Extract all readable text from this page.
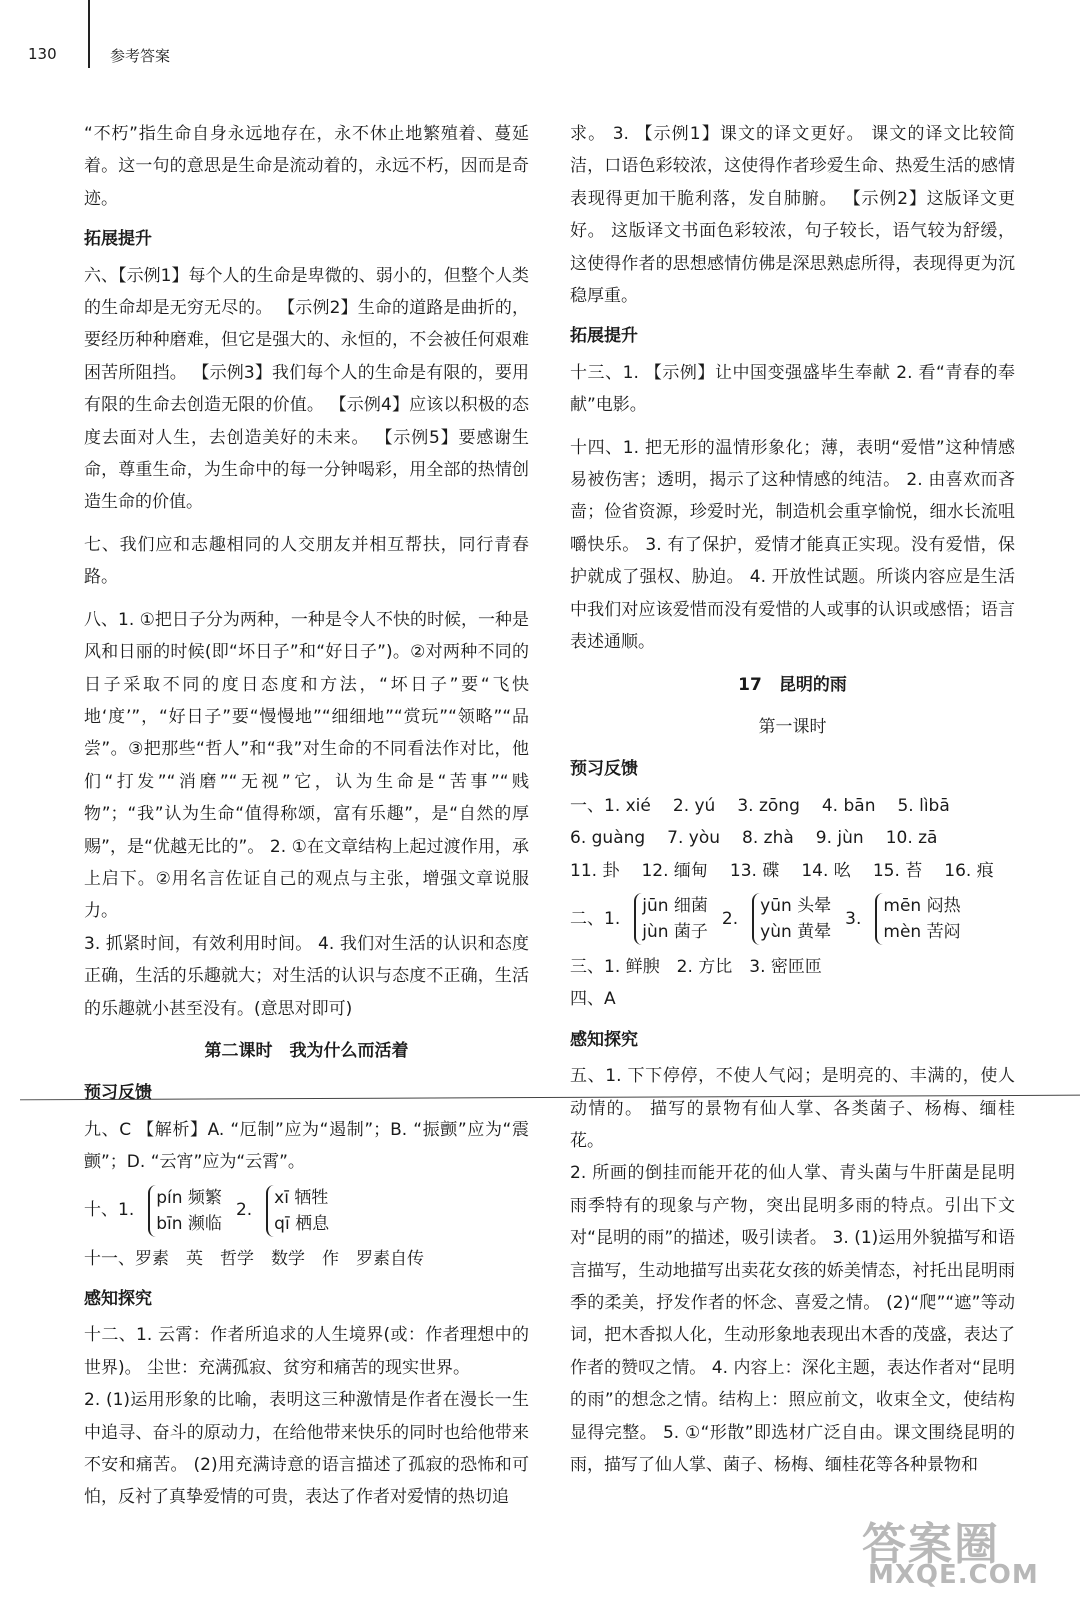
130	参考答案

“不朽”指生命自身永远地存在，永不休止地繁殖着、蔓延着。这一句的意思是生命是流动着的，永远不朽，因而是奇迹。

拓展提升

六、【示例1】每个人的生命是卑微的、弱小的，但整个人类的生命却是无穷无尽的。 【示例2】生命的道路是曲折的，要经历种种磨难，但它是强大的、永恒的，不会被任何艰难困苦所阻挡。 【示例3】我们每个人的生命是有限的，要用有限的生命去创造无限的价值。 【示例4】应该以积极的态度去面对人生，去创造美好的未来。 【示例5】要感谢生命，尊重生命，为生命中的每一分钟喝彩，用全部的热情创造生命的价值。

七、我们应和志趣相同的人交朋友并相互帮扶，同行青春路。

八、1. ①把日子分为两种，一种是令人不快的时候，一种是风和日丽的时候(即“坏日子”和“好日子”)。②对两种不同的日子采取不同的度日态度和方法，“坏日子”要“飞快地‘度’”，“好日子”要“慢慢地”“细细地”“赏玩”“领略”“品尝”。③把那些“哲人”和“我”对生命的不同看法作对比，他们“打发”“消磨”“无视”它，认为生命是“苦事”“贱物”；“我”认为生命“值得称颂，富有乐趣”，是“自然的厚赐”，是“优越无比的”。 2. ①在文章结构上起过渡作用，承上启下。②用名言佐证自己的观点与主张，增强文章说服力。

3. 抓紧时间，有效利用时间。 4. 我们对生活的认识和态度正确，生活的乐趣就大；对生活的认识与态度不正确，生活的乐趣就小甚至没有。(意思对即可)

第二课时　我为什么而活着

预习反馈

九、C 【解析】A. “厄制”应为“遏制”；B. “振颤”应为“震颤”；D. “云宵”应为“云霄”。

十、1.
pín 频繁
bīn 濒临
2.
xī 牺牲
qī 栖息

十一、罗素　英　哲学　数学　作　罗素自传

感知探究

十二、1. 云霄：作者所追求的人生境界(或：作者理想中的世界)。 尘世：充满孤寂、贫穷和痛苦的现实世界。

2. (1)运用形象的比喻，表明这三种激情是作者在漫长一生中追寻、奋斗的原动力，在给他带来快乐的同时也给他带来不安和痛苦。 (2)用充满诗意的语言描述了孤寂的恐怖和可怕，反衬了真挚爱情的可贵，表达了作者对爱情的热切追

求。 3. 【示例1】课文的译文更好。 课文的译文比较简洁，口语色彩较浓，这使得作者珍爱生命、热爱生活的感情表现得更加干脆利落，发自肺腑。 【示例2】这版译文更好。 这版译文书面色彩较浓，句子较长，语气较为舒缓，这使得作者的思想感情仿佛是深思熟虑所得，表现得更为沉稳厚重。

拓展提升

十三、1. 【示例】让中国变强盛毕生奉献 2. 看“青春的奉献”电影。

十四、1. 把无形的温情形象化；薄，表明“爱惜”这种情感易被伤害；透明，揭示了这种情感的纯洁。 2. 由喜欢而吝啬；俭省资源，珍爱时光，制造机会重享愉悦，细水长流咀嚼快乐。 3. 有了保护，爱情才能真正实现。没有爱惜，保护就成了强权、胁迫。 4. 开放性试题。所谈内容应是生活中我们对应该爱惜而没有爱惜的人或事的认识或感悟；语言表述通顺。

17　昆明的雨

第一课时

预习反馈

一、1. xié 2. yú 3. zōng 4. bān 5. lìbā
6. guàng 7. yòu 8. zhà 9. jùn 10. zā
11. 卦 12. 缅甸 13. 碟 14. 吆 15. 苔 16. 痕
二、1.
jūn 细菌
jùn 菌子
2.
yūn 头晕
yùn 黄晕
3.
mēn 闷热
mèn 苦闷

三、1. 鲜腴　2. 方比　3. 密匝匝

四、A

感知探究

五、1. 下下停停，不使人气闷；是明亮的、丰满的，使人动情的。 描写的景物有仙人掌、各类菌子、杨梅、缅桂花。

2. 所画的倒挂而能开花的仙人掌、青头菌与牛肝菌是昆明雨季特有的现象与产物，突出昆明多雨的特点。引出下文对“昆明的雨”的描述，吸引读者。 3. (1)运用外貌描写和语言描写，生动地描写出卖花女孩的娇美情态，衬托出昆明雨季的柔美，抒发作者的怀念、喜爱之情。 (2)“爬”“遮”等动词，把木香拟人化，生动形象地表现出木香的茂盛，表达了作者的赞叹之情。 4. 内容上：深化主题，表达作者对“昆明的雨”的想念之情。结构上：照应前文，收束全文，使结构显得完整。 5. ①“形散”即选材广泛自由。课文围绕昆明的雨，描写了仙人掌、菌子、杨梅、缅桂花等各种景物和

答案圈
MXQE.COM
